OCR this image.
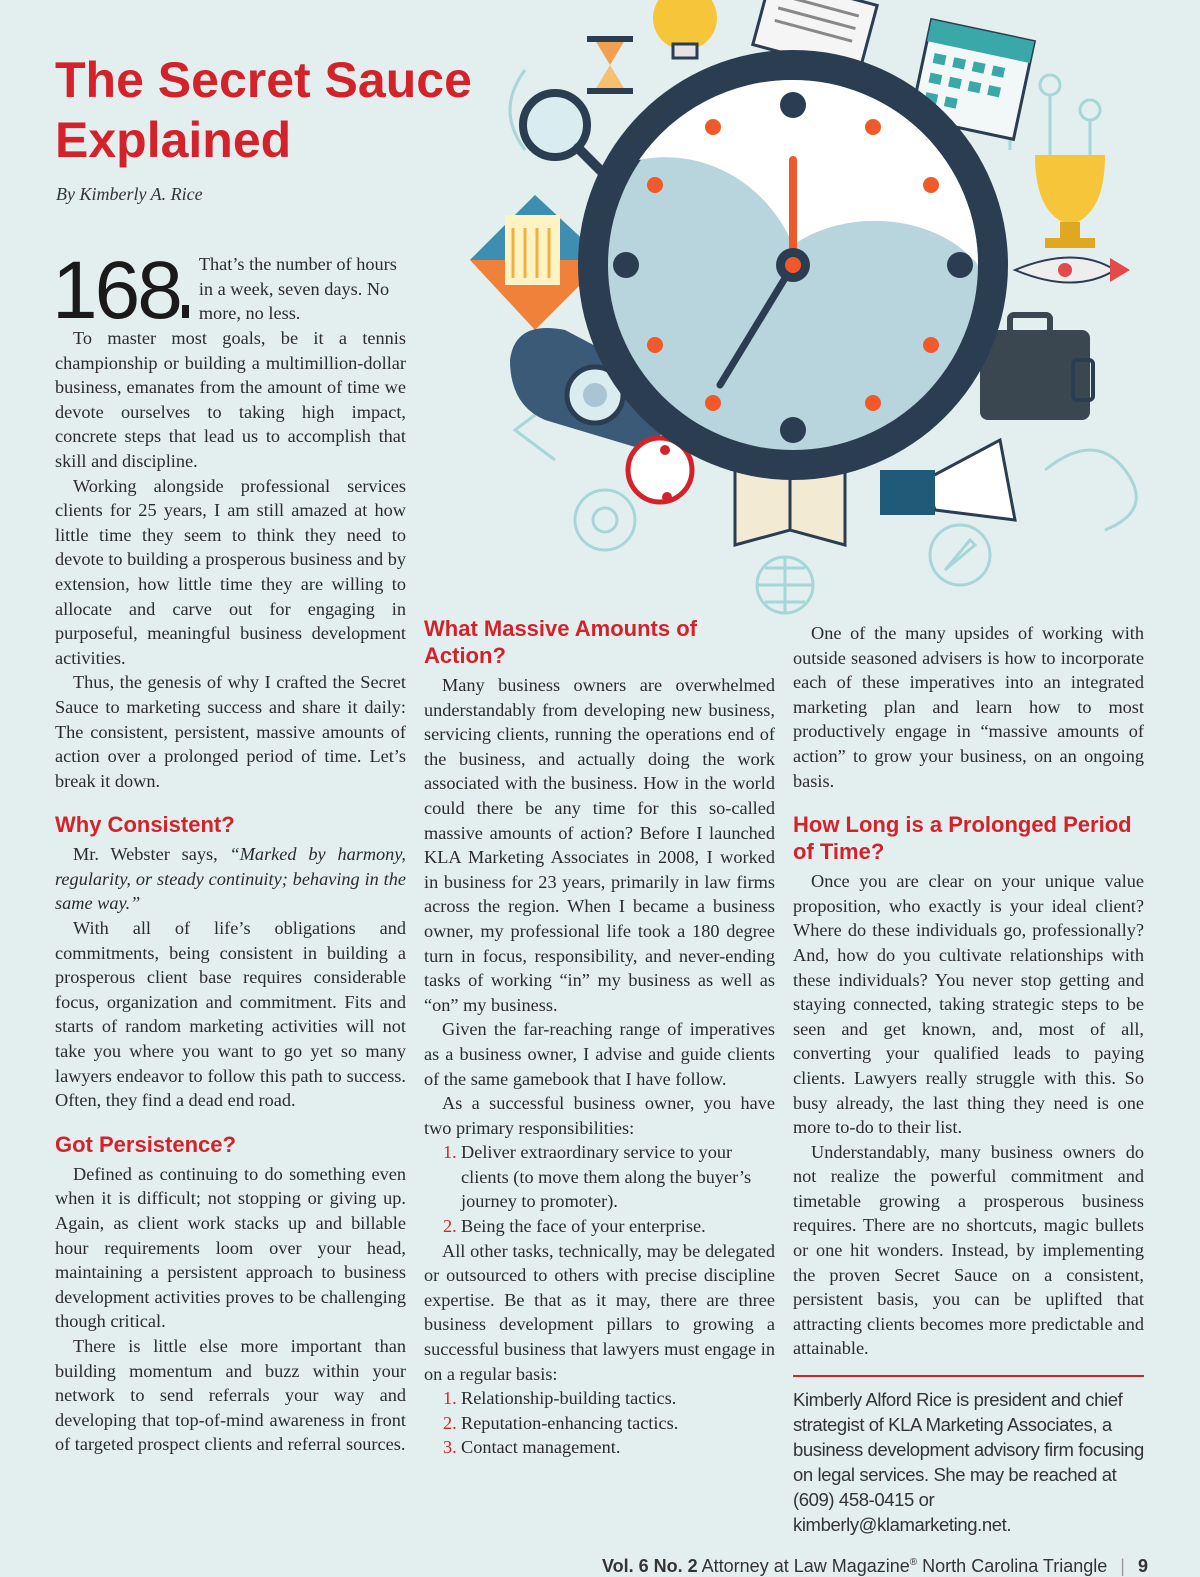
The Secret Sauce Explained
By Kimberly A. Rice
168	That’s the number of hours in a week, seven days. No more, no less.

To master most goals, be it a tennis championship or building a multimillion-dollar business, emanates from the amount of time we devote ourselves to taking high impact, concrete steps that lead us to accomplish that skill and discipline.

Working alongside professional services clients for 25 years, I am still amazed at how little time they seem to think they need to devote to building a prosperous business and by extension, how little time they are willing to allocate and carve out for engaging in purposeful, meaningful business development activities.

Thus, the genesis of why I crafted the Secret Sauce to marketing success and share it daily: The consistent, persistent, massive amounts of action over a prolonged period of time. Let’s break it down.

Why Consistent?

Mr. Webster says, “Marked by harmony, regularity, or steady continuity; behaving in the same way.”

With all of life’s obligations and commitments, being consistent in building a prosperous client base requires considerable focus, organization and commitment. Fits and starts of random marketing activities will not take you where you want to go yet so many lawyers endeavor to follow this path to success. Often, they find a dead end road.

Got Persistence?

Defined as continuing to do something even when it is difficult; not stopping or giving up. Again, as client work stacks up and billable hour requirements loom over your head, maintaining a persistent approach to business development activities proves to be challenging though critical.

There is little else more important than building momentum and buzz within your network to send referrals your way and developing that top-of-mind awareness in front of targeted prospect clients and referral sources.

What Massive Amounts of Action?

Many business owners are overwhelmed understandably from developing new business, servicing clients, running the operations end of the business, and actually doing the work associated with the business. How in the world could there be any time for this so-called massive amounts of action? Before I launched KLA Marketing Associates in 2008, I worked in business for 23 years, primarily in law firms across the region. When I became a business owner, my professional life took a 180 degree turn in focus, responsibility, and never-ending tasks of working “in” my business as well as “on” my business.

Given the far-reaching range of imperatives as a business owner, I advise and guide clients of the same gamebook that I have follow.

As a successful business owner, you have two primary responsibilities:

1. Deliver extraordinary service to your clients (to move them along the buyer’s journey to promoter).
2. Being the face of your enterprise.

All other tasks, technically, may be delegated or outsourced to others with precise discipline expertise. Be that as it may, there are three business development pillars to growing a successful business that lawyers must engage in on a regular basis:

1. Relationship-building tactics.
2. Reputation-enhancing tactics.
3. Contact management.

One of the many upsides of working with outside seasoned advisers is how to incorporate each of these imperatives into an integrated marketing plan and learn how to most productively engage in “massive amounts of action” to grow your business, on an ongoing basis.

How Long is a Prolonged Period of Time?

Once you are clear on your unique value proposition, who exactly is your ideal client? Where do these individuals go, professionally? And, how do you cultivate relationships with these individuals? You never stop getting and staying connected, taking strategic steps to be seen and get known, and, most of all, converting your qualified leads to paying clients. Lawyers really struggle with this. So busy already, the last thing they need is one more to-do to their list.

Understandably, many business owners do not realize the powerful commitment and timetable growing a prosperous business requires. There are no shortcuts, magic bullets or one hit wonders. Instead, by implementing the proven Secret Sauce on a consistent, persistent basis, you can be uplifted that attracting clients becomes more predictable and attainable.

Kimberly Alford Rice is president and chief strategist of KLA Marketing Associates, a business development advisory firm focusing on legal services. She may be reached at (609) 458-0415 or kimberly@klamarketing.net.
Vol. 6 No. 2 Attorney at Law Magazine® North Carolina Triangle | 9
